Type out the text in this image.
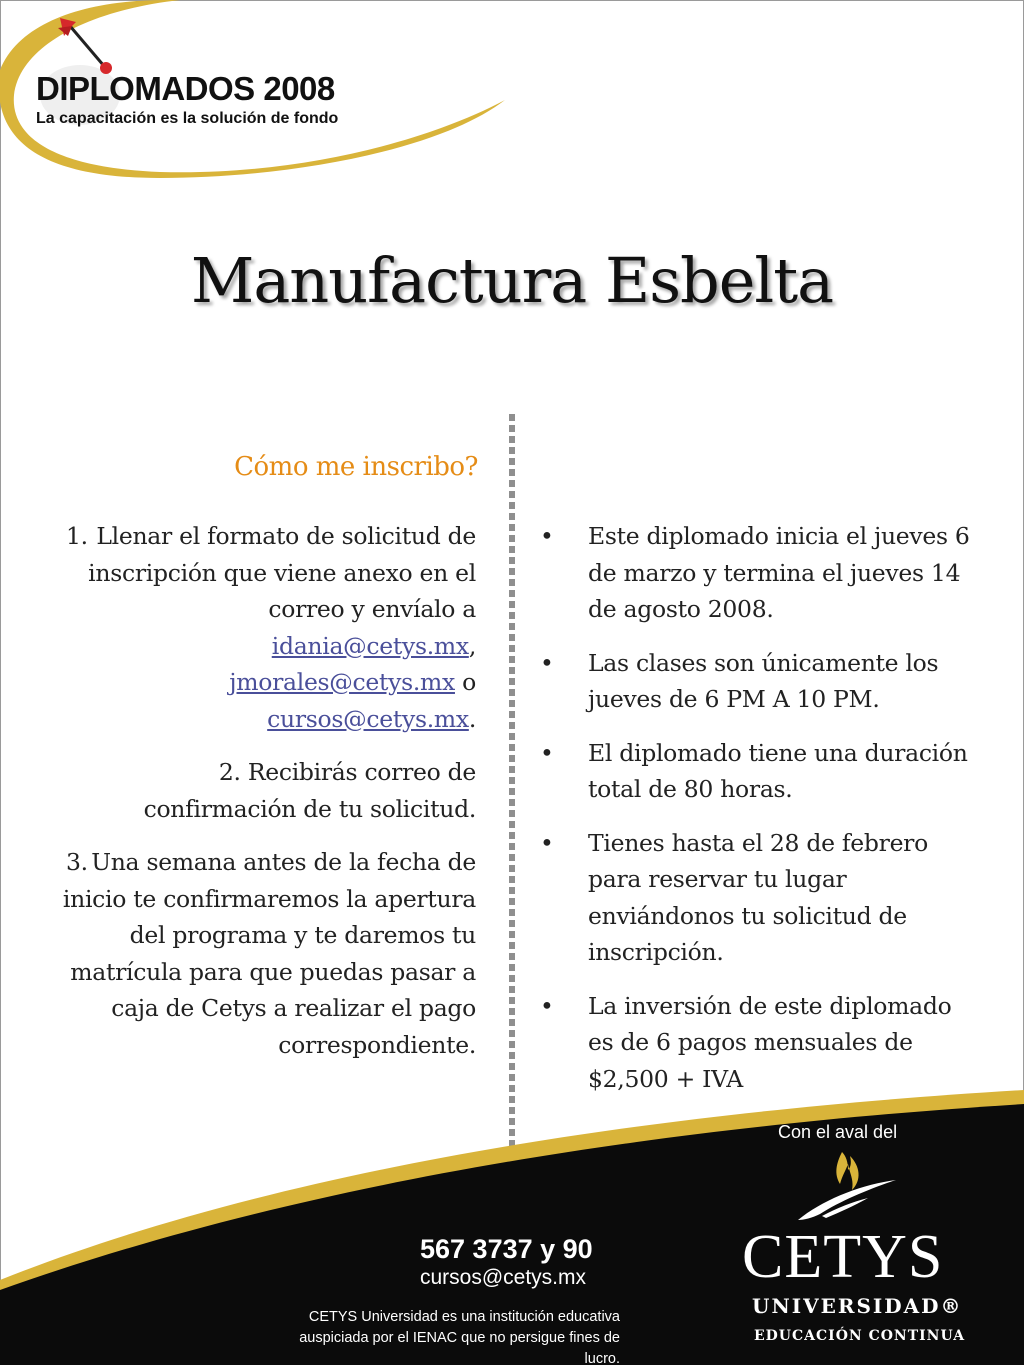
DIPLOMADOS 2008
La capacitación es la solución de fondo
Manufactura Esbelta
Cómo me inscribo?
1. Llenar el formato de solicitud de inscripción que viene anexo en el correo y envíalo a idania@cetys.mx, jmorales@cetys.mx o cursos@cetys.mx.
2. Recibirás correo de confirmación de tu solicitud.
3. Una semana antes de la fecha de inicio te confirmaremos la apertura del programa y te daremos tu matrícula para que puedas pasar a caja de Cetys a realizar el pago correspondiente.
• Este diplomado inicia el jueves 6 de marzo y termina el jueves 14 de agosto 2008.
• Las clases son únicamente los jueves de 6 PM A 10 PM.
• El diplomado tiene una duración total de 80 horas.
• Tienes hasta el 28 de febrero para reservar tu lugar enviándonos tu solicitud de inscripción.
• La inversión de este diplomado es de 6 pagos mensuales de $2,500 + IVA
Con el aval del
567 3737 y 90
cursos@cetys.mx
CETYS Universidad es una institución educativa auspiciada por el IENAC que no persigue fines de lucro.
CETYS
UNIVERSIDAD®
EDUCACIÓN CONTINUA
